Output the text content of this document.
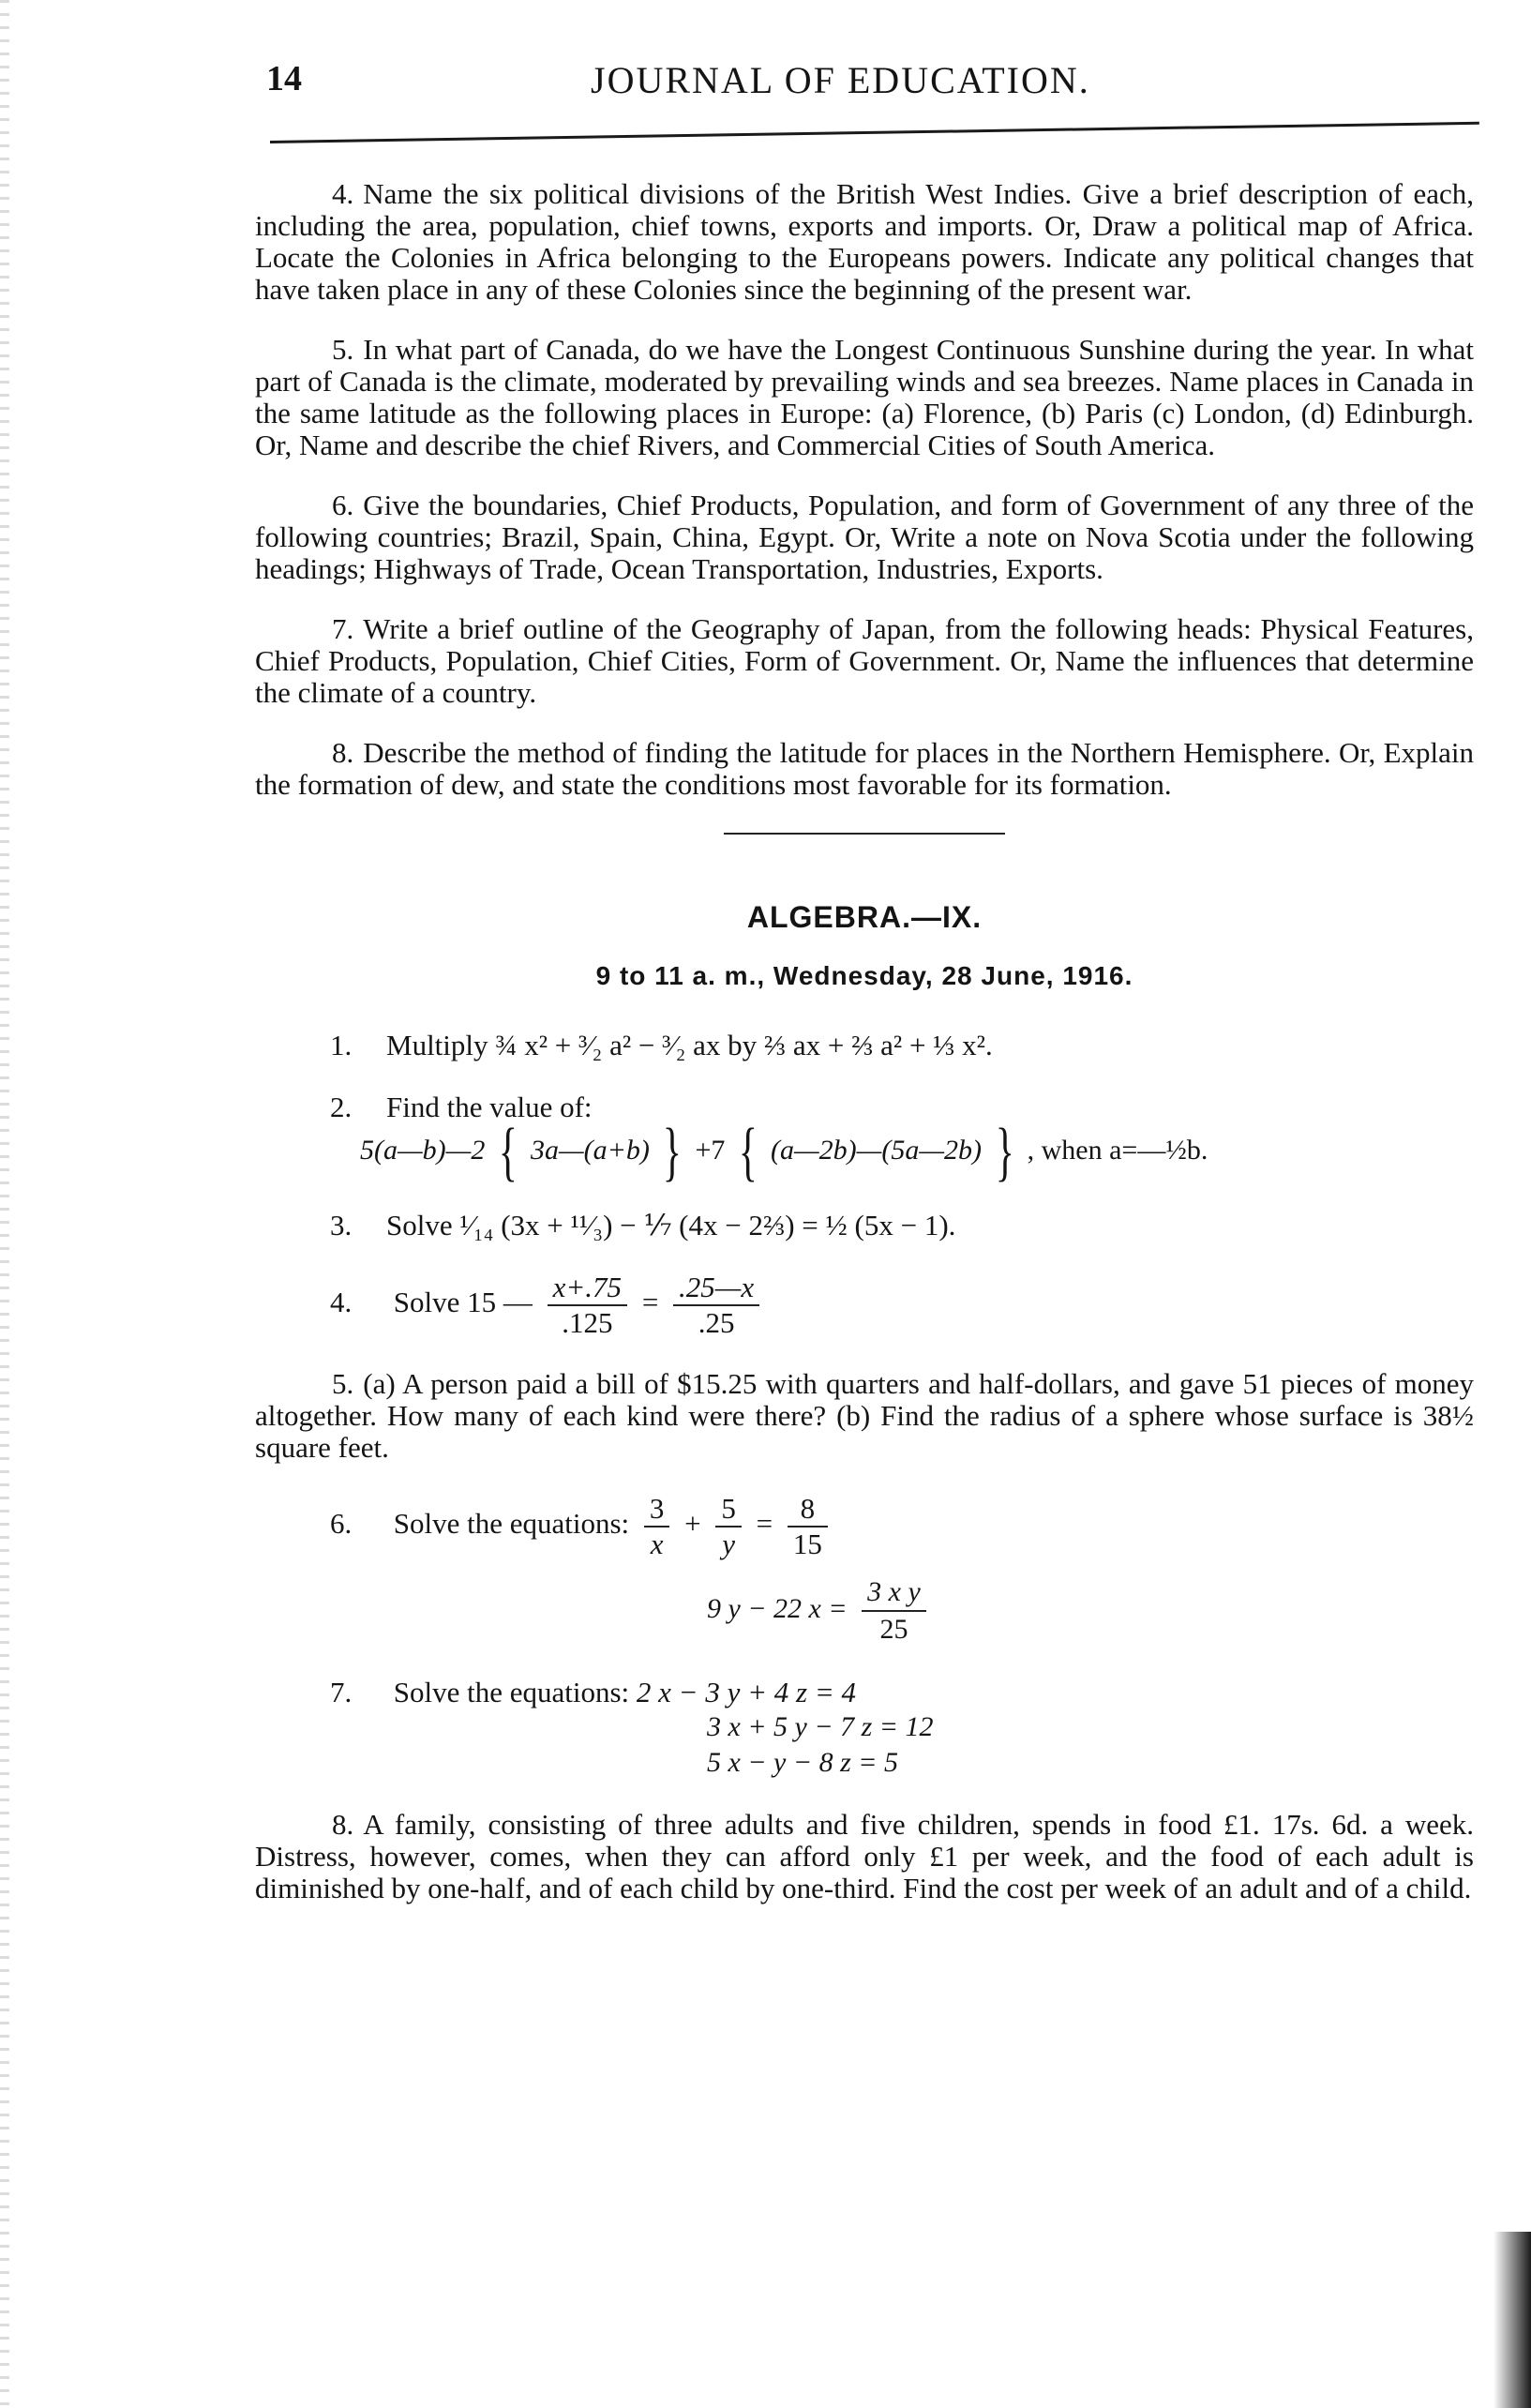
14	JOURNAL OF EDUCATION.

4. Name the six political divisions of the British West Indies. Give a brief description of each, including the area, population, chief towns, exports and imports. Or, Draw a political map of Africa. Locate the Colonies in Africa belonging to the Europeans powers. Indicate any political changes that have taken place in any of these Colonies since the beginning of the present war.

5. In what part of Canada, do we have the Longest Continuous Sunshine during the year. In what part of Canada is the climate, moderated by prevailing winds and sea breezes. Name places in Canada in the same latitude as the following places in Europe: (a) Florence, (b) Paris (c) London, (d) Edinburgh. Or, Name and describe the chief Rivers, and Commercial Cities of South America.

6. Give the boundaries, Chief Products, Population, and form of Government of any three of the following countries; Brazil, Spain, China, Egypt. Or, Write a note on Nova Scotia under the following headings; Highways of Trade, Ocean Transportation, Industries, Exports.

7. Write a brief outline of the Geography of Japan, from the following heads: Physical Features, Chief Products, Population, Chief Cities, Form of Government. Or, Name the influences that determine the climate of a country.

8. Describe the method of finding the latitude for places in the Northern Hemisphere. Or, Explain the formation of dew, and state the conditions most favorable for its formation.

ALGEBRA.—IX.
9 to 11 a. m., Wednesday, 28 June, 1916.
1. Multiply ¾ x² + ³⁄₂ a² − ³⁄₂ ax by ⅔ ax + ⅔ a² + ⅓ x².
2. Find the value of:
5(a—b)—2 { 3a—(a+b) } +7 { (a—2b)—(5a—2b) } , when a=—½b.
3. Solve ¹⁄₁₄ (3x + ¹¹⁄₃) − ⅐ (4x − 2⅔) = ½ (5x − 1).
4. Solve 15 — $\frac{x+.75}{.125} = \frac{.25—x}{.25}$

5. (a) A person paid a bill of $15.25 with quarters and half-dollars, and gave 51 pieces of money altogether. How many of each kind were there? (b) Find the radius of a sphere whose surface is 38½ square feet.

6. Solve the equations: $\frac{3}{x} + \frac{5}{y} = \frac{8}{15}$
9 y − 22 $x = \frac{\text{3 x y}}{25}$
7. Solve the equations: 2 x − 3 y + 4 z = 4
3 x + 5 y − 7 z = 12
5 x − y − 8 z = 5

8. A family, consisting of three adults and five children, spends in food £1. 17s. 6d. a week. Distress, however, comes, when they can afford only £1 per week, and the food of each adult is diminished by one-half, and of each child by one-third. Find the cost per week of an adult and of a child.
